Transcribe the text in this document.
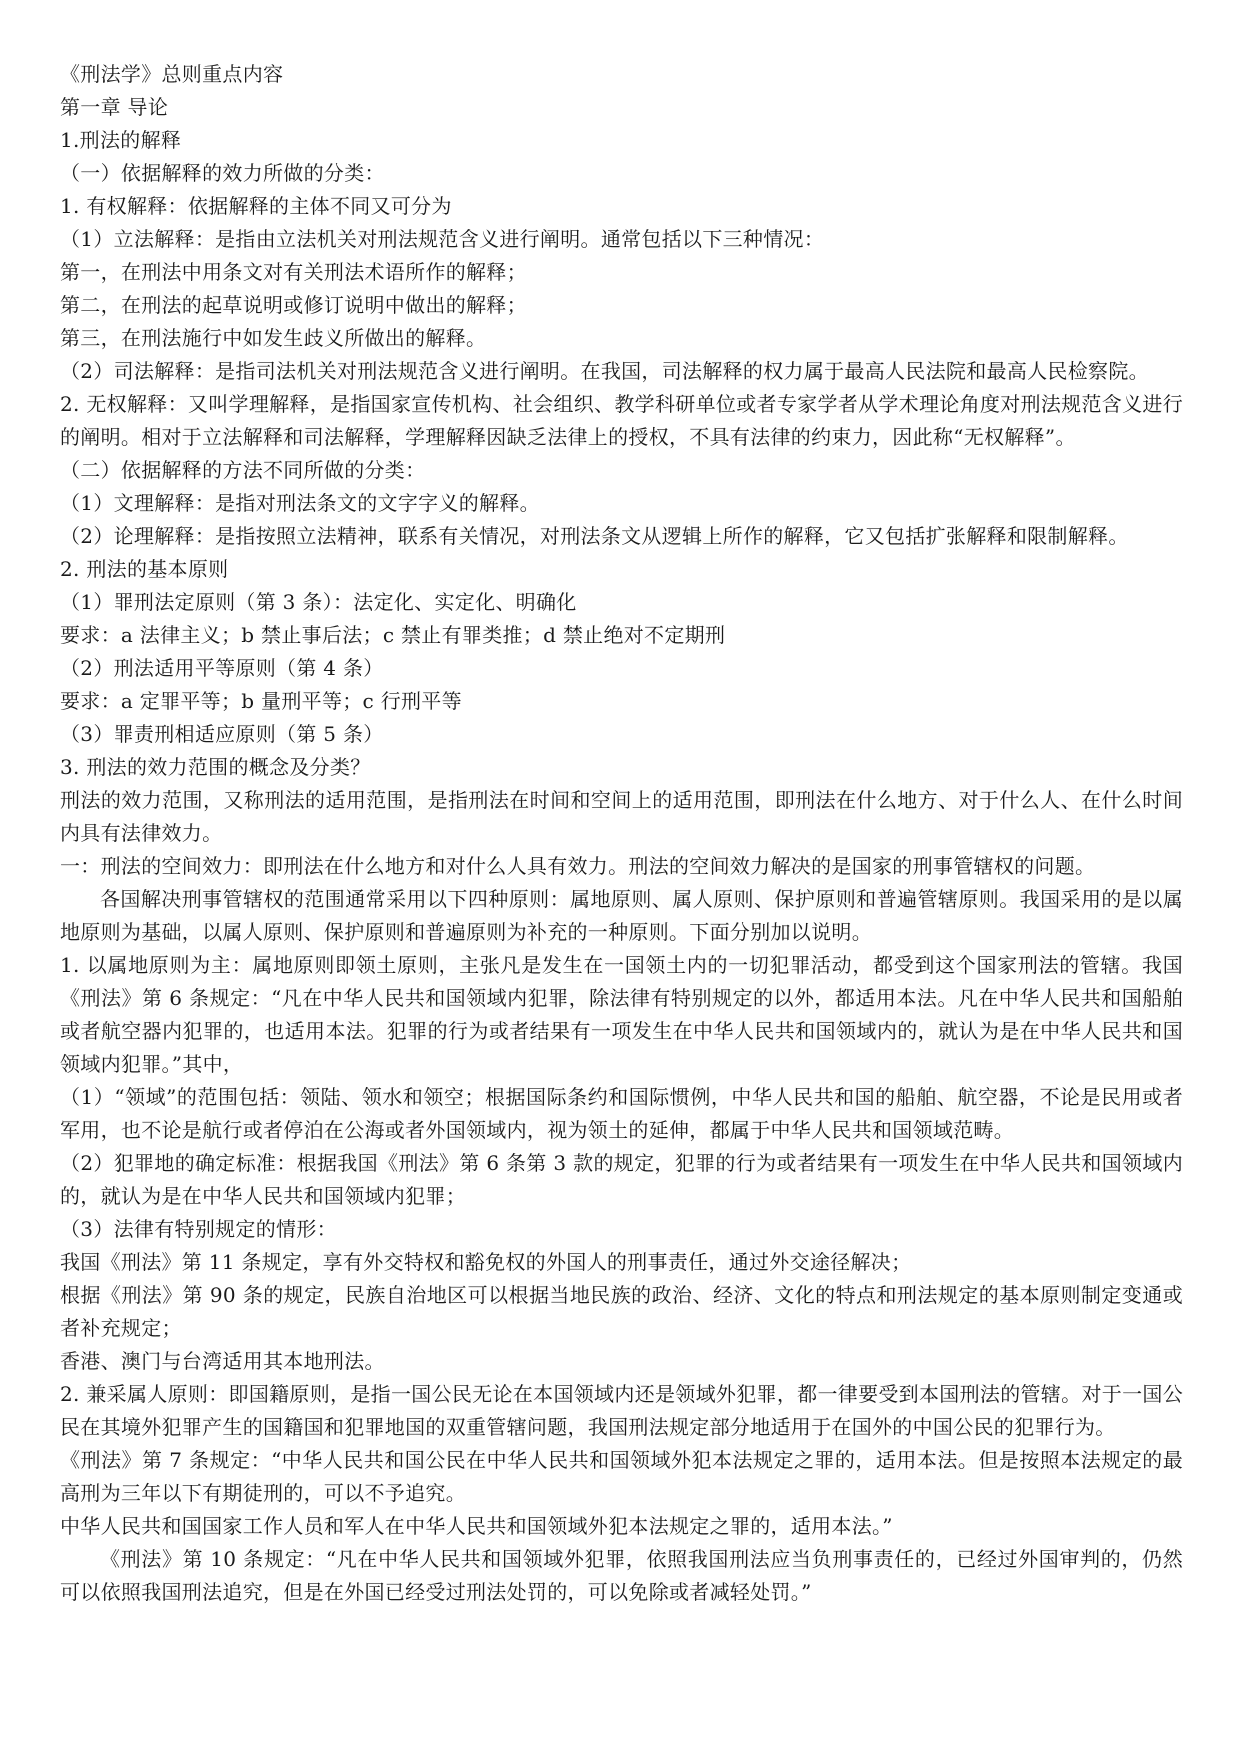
《刑法学》总则重点内容

第一章 导论

1.刑法的解释

（一）依据解释的效力所做的分类：

1. 有权解释：依据解释的主体不同又可分为

（1）立法解释：是指由立法机关对刑法规范含义进行阐明。通常包括以下三种情况：

第一，在刑法中用条文对有关刑法术语所作的解释；

第二，在刑法的起草说明或修订说明中做出的解释；

第三，在刑法施行中如发生歧义所做出的解释。

（2）司法解释：是指司法机关对刑法规范含义进行阐明。在我国，司法解释的权力属于最高人民法院和最高人民检察院。

2. 无权解释：又叫学理解释，是指国家宣传机构、社会组织、教学科研单位或者专家学者从学术理论角度对刑法规范含义进行的阐明。相对于立法解释和司法解释，学理解释因缺乏法律上的授权，不具有法律的约束力，因此称“无权解释”。

（二）依据解释的方法不同所做的分类：

（1）文理解释：是指对刑法条文的文字字义的解释。

（2）论理解释：是指按照立法精神，联系有关情况，对刑法条文从逻辑上所作的解释，它又包括扩张解释和限制解释。

2. 刑法的基本原则

（1）罪刑法定原则（第 3 条）：法定化、实定化、明确化

要求：a 法律主义；b 禁止事后法；c 禁止有罪类推；d 禁止绝对不定期刑

（2）刑法适用平等原则（第 4 条）

要求：a 定罪平等；b 量刑平等；c 行刑平等

（3）罪责刑相适应原则（第 5 条）

3. 刑法的效力范围的概念及分类？

刑法的效力范围，又称刑法的适用范围，是指刑法在时间和空间上的适用范围，即刑法在什么地方、对于什么人、在什么时间内具有法律效力。

一：刑法的空间效力：即刑法在什么地方和对什么人具有效力。刑法的空间效力解决的是国家的刑事管辖权的问题。

各国解决刑事管辖权的范围通常采用以下四种原则：属地原则、属人原则、保护原则和普遍管辖原则。我国采用的是以属地原则为基础，以属人原则、保护原则和普遍原则为补充的一种原则。下面分别加以说明。

1. 以属地原则为主：属地原则即领土原则，主张凡是发生在一国领土内的一切犯罪活动，都受到这个国家刑法的管辖。我国《刑法》第 6 条规定：“凡在中华人民共和国领域内犯罪，除法律有特别规定的以外，都适用本法。凡在中华人民共和国船舶或者航空器内犯罪的，也适用本法。犯罪的行为或者结果有一项发生在中华人民共和国领域内的，就认为是在中华人民共和国领域内犯罪。”其中，

（1）“领域”的范围包括：领陆、领水和领空；根据国际条约和国际惯例，中华人民共和国的船舶、航空器，不论是民用或者军用，也不论是航行或者停泊在公海或者外国领域内，视为领土的延伸，都属于中华人民共和国领域范畴。

（2）犯罪地的确定标准：根据我国《刑法》第 6 条第 3 款的规定，犯罪的行为或者结果有一项发生在中华人民共和国领域内的，就认为是在中华人民共和国领域内犯罪；

（3）法律有特别规定的情形：

我国《刑法》第 11 条规定，享有外交特权和豁免权的外国人的刑事责任，通过外交途径解决；

根据《刑法》第 90 条的规定，民族自治地区可以根据当地民族的政治、经济、文化的特点和刑法规定的基本原则制定变通或者补充规定；

香港、澳门与台湾适用其本地刑法。

2. 兼采属人原则：即国籍原则，是指一国公民无论在本国领域内还是领域外犯罪，都一律要受到本国刑法的管辖。对于一国公民在其境外犯罪产生的国籍国和犯罪地国的双重管辖问题，我国刑法规定部分地适用于在国外的中国公民的犯罪行为。

《刑法》第 7 条规定：“中华人民共和国公民在中华人民共和国领域外犯本法规定之罪的，适用本法。但是按照本法规定的最高刑为三年以下有期徒刑的，可以不予追究。

中华人民共和国国家工作人员和军人在中华人民共和国领域外犯本法规定之罪的，适用本法。”

《刑法》第 10 条规定：“凡在中华人民共和国领域外犯罪，依照我国刑法应当负刑事责任的，已经过外国审判的，仍然可以依照我国刑法追究，但是在外国已经受过刑法处罚的，可以免除或者减轻处罚。”
